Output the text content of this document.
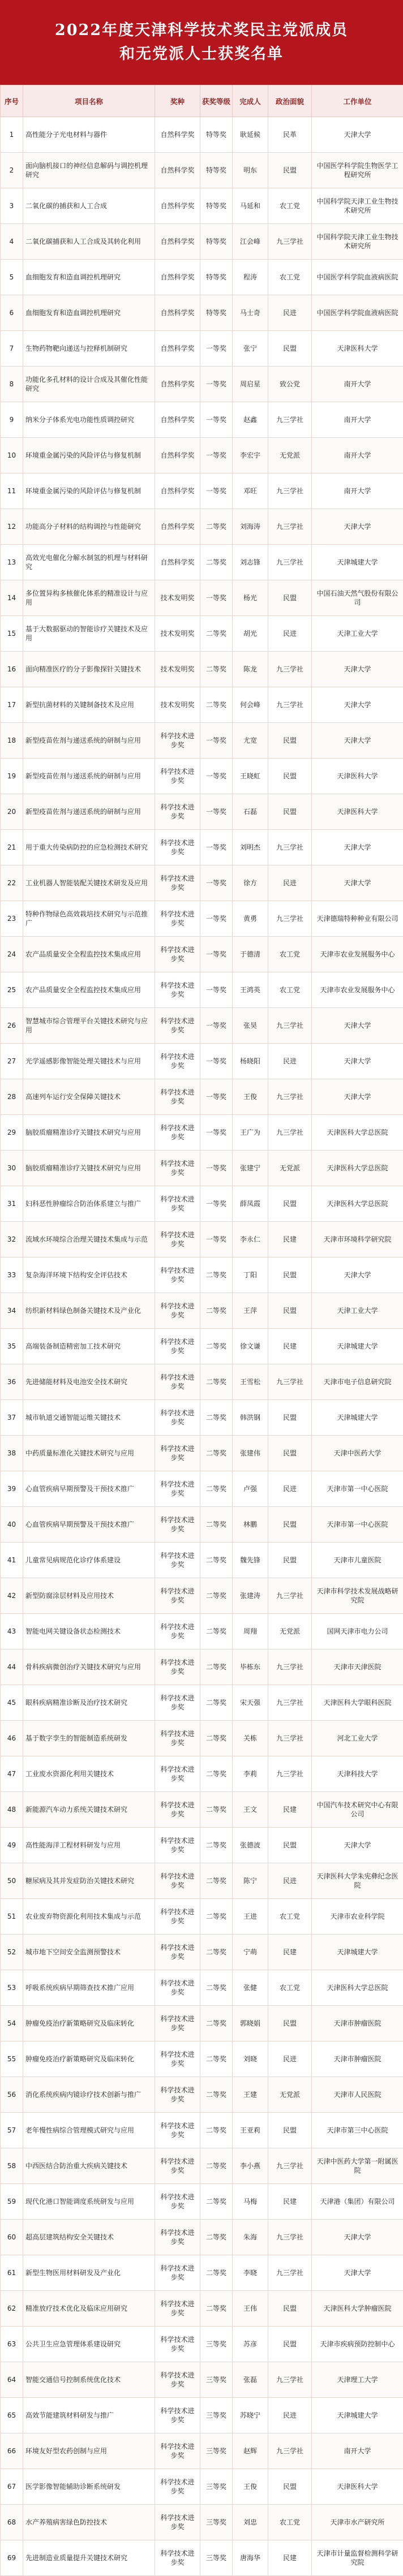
2022年度天津科学技术奖民主党派成员
和无党派人士获奖名单
序号	项目名称	奖种	获奖等级	完成人	政治面貌	工作单位
1	高性能分子光电材料与器件	自然科学奖	特等奖	耿延候	民革	天津大学
2	面向脑机接口的神经信息解码与调控机理研究	自然科学奖	特等奖	明东	民盟	中国医学科学院生物医学工程研究所
3	二氧化碳的捕获和人工合成	自然科学奖	特等奖	马延和	农工党	中国科学院天津工业生物技术研究所
4	二氧化碳捕获和人工合成及其转化利用	自然科学奖	特等奖	江会峰	九三学社	中国科学院天津工业生物技术研究所
5	血细胞发育和造血调控机理研究	自然科学奖	特等奖	程涛	农工党	中国医学科学院血液病医院
6	血细胞发育和造血调控机理研究	自然科学奖	特等奖	马士奇	民进	中国医学科学院血液病医院
7	生物药物靶向递送与控释机制研究	自然科学奖	一等奖	张宁	民盟	天津医科大学
8	功能化多孔材料的设计合成及其催化性能研究	自然科学奖	一等奖	周启星	致公党	南开大学
9	纳米分子体系光电功能性质调控研究	自然科学奖	一等奖	赵鑫	九三学社	南开大学
10	环境重金属污染的风险评估与修复机制	自然科学奖	一等奖	李宏宇	无党派	南开大学
11	环境重金属污染的风险评估与修复机制	自然科学奖	一等奖	邓旺	九三学社	南开大学
12	功能高分子材料的结构调控与性能研究	自然科学奖	二等奖	刘海涛	九三学社	天津大学
13	高效光电催化分解水制氢的机理与材料研究	自然科学奖	二等奖	刘志锋	九三学社	天津城建大学
14	多位置异构多核催化体系的精准设计与应用	技术发明奖	一等奖	杨光	民盟	中国石油天然气股份有限公司
15	基于大数据驱动的智能诊疗关键技术及应用	技术发明奖	二等奖	胡光	民进	天津工业大学
16	面向精准医疗的分子影像探针关键技术	技术发明奖	二等奖	陈龙	九三学社	天津大学
17	新型抗菌材料的关键制备技术及应用	技术发明奖	二等奖	何会峰	九三学社	天津大学
18	新型疫苗佐剂与递送系统的研制与应用	科学技术进步奖	一等奖	尤宽	民盟	天津大学
19	新型疫苗佐剂与递送系统的研制与应用	科学技术进步奖	一等奖	王晓虹	民盟	天津医科大学
20	新型疫苗佐剂与递送系统的研制与应用	科学技术进步奖	一等奖	石磊	民盟	天津医科大学
21	用于重大传染病防控的应急检测技术研究	科学技术进步奖	一等奖	刘明杰	九三学社	天津大学
22	工业机器人智能装配关键技术研发及应用	科学技术进步奖	一等奖	徐方	民进	天津大学
23	特种作物绿色高效栽培技术研究与示范推广	科学技术进步奖	一等奖	黄勇	九三学社	天津德瑞特种种业有限公司
24	农产品质量安全全程监控技术集成应用	科学技术进步奖	一等奖	于德清	农工党	天津市农业发展服务中心
25	农产品质量安全全程监控技术集成应用	科学技术进步奖	一等奖	王鸿英	农工党	天津市农业发展服务中心
26	智慧城市综合管理平台关键技术研究与应用	科学技术进步奖	一等奖	张昊	九三学社	天津大学
27	光学遥感影像智能处理关键技术与应用	科学技术进步奖	一等奖	杨晓阳	民进	天津大学
28	高速列车运行安全保障关键技术	科学技术进步奖	一等奖	王俊	九三学社	天津大学
29	脑胶质瘤精准诊疗关键技术研究与应用	科学技术进步奖	一等奖	王广为	九三学社	天津医科大学总医院
30	脑胶质瘤精准诊疗关键技术研究与应用	科学技术进步奖	一等奖	张建宁	无党派	天津医科大学总医院
31	妇科恶性肿瘤综合防治体系建立与推广	科学技术进步奖	一等奖	薛凤霞	民盟	天津医科大学总医院
32	流域水环境综合治理关键技术集成与示范	科学技术进步奖	一等奖	李永仁	民建	天津市环境科学研究院
33	复杂海洋环境下结构安全评估技术	科学技术进步奖	二等奖	丁阳	民盟	天津大学
34	纺织新材料绿色制备关键技术及产业化	科学技术进步奖	二等奖	王萍	民盟	天津工业大学
35	高端装备制造精密加工技术研究	科学技术进步奖	二等奖	徐文谦	民建	天津城建大学
36	先进储能材料及电池安全技术研究	科学技术进步奖	二等奖	王雪松	九三学社	天津市电子信息研究院
37	城市轨道交通智能运维关键技术	科学技术进步奖	二等奖	韩洪钢	民盟	天津城建大学
38	中药质量标准化关键技术研究与应用	科学技术进步奖	二等奖	张建伟	民盟	天津中医药大学
39	心血管疾病早期预警及干预技术推广	科学技术进步奖	二等奖	卢强	民进	天津市第一中心医院
40	心血管疾病早期预警及干预技术推广	科学技术进步奖	二等奖	林鹏	民盟	天津市第一中心医院
41	儿童常见病规范化诊疗体系建设	科学技术进步奖	二等奖	魏先锋	民盟	天津市儿童医院
42	新型防腐涂层材料及应用技术	科学技术进步奖	二等奖	张建涛	九三学社	天津市科学技术发展战略研究院
43	智能电网关键设备状态检测技术	科学技术进步奖	二等奖	周翔	无党派	国网天津市电力公司
44	骨科疾病微创治疗关键技术研究与应用	科学技术进步奖	二等奖	毕栋东	九三学社	天津市天津医院
45	眼科疾病精准诊断及治疗技术研究	科学技术进步奖	二等奖	宋天强	九三学社	天津医科大学眼科医院
46	基于数字孪生的智能制造系统研发	科学技术进步奖	二等奖	关栋	九三学社	河北工业大学
47	工业废水资源化利用关键技术	科学技术进步奖	二等奖	李莉	九三学社	天津科技大学
48	新能源汽车动力系统关键技术研究	科学技术进步奖	二等奖	王文	民建	中国汽车技术研究中心有限公司
49	高性能海洋工程材料研发与应用	科学技术进步奖	二等奖	张德波	民盟	天津大学
50	糖尿病及其并发症防治关键技术研究	科学技术进步奖	二等奖	陈宁	民进	天津医科大学朱宪彝纪念医院
51	农业废弃物资源化利用技术集成与示范	科学技术进步奖	二等奖	王进	农工党	天津市农业科学院
52	城市地下空间安全监测预警技术	科学技术进步奖	二等奖	宁萌	民建	天津城建大学
53	呼吸系统疾病早期筛查技术推广应用	科学技术进步奖	二等奖	张健	农工党	天津医科大学总医院
54	肿瘤免疫治疗新策略研究及临床转化	科学技术进步奖	二等奖	郭晓娟	民盟	天津市肿瘤医院
55	肿瘤免疫治疗新策略研究及临床转化	科学技术进步奖	二等奖	刘晓	民进	天津市肿瘤医院
56	消化系统疾病内镜诊疗技术创新与推广	科学技术进步奖	二等奖	王建	无党派	天津市人民医院
57	老年慢性病综合管理模式研究与应用	科学技术进步奖	二等奖	王亚莉	民盟	天津市第三中心医院
58	中西医结合防治重大疾病关键技术	科学技术进步奖	二等奖	李小燕	九三学社	天津中医药大学第一附属医院
59	现代化港口智能调度系统研发与应用	科学技术进步奖	二等奖	马梅	民建	天津港（集团）有限公司
60	超高层建筑结构安全关键技术	科学技术进步奖	二等奖	朱海	九三学社	天津大学
61	新型生物医用材料研发及产业化	科学技术进步奖	二等奖	李晓	九三学社	天津大学
62	精准放疗技术优化及临床应用研究	科学技术进步奖	二等奖	王伟	民盟	天津医科大学肿瘤医院
63	公共卫生应急管理体系建设研究	科学技术进步奖	三等奖	苏彦	民盟	天津市疾病预防控制中心
64	智能交通信号控制系统优化技术	科学技术进步奖	三等奖	张磊	九三学社	天津理工大学
65	高效节能建筑材料研发与推广	科学技术进步奖	三等奖	苏晓宁	民进	天津城建大学
66	环境友好型农药创制与应用	科学技术进步奖	三等奖	赵辉	九三学社	南开大学
67	医学影像智能辅助诊断系统研发	科学技术进步奖	三等奖	王俊	民盟	天津医科大学
68	水产养殖病害绿色防控技术	科学技术进步奖	三等奖	刘忠	农工党	天津市水产研究所
69	先进制造业质量提升关键技术研究	科学技术进步奖	三等奖	唐海华	民建	天津市计量监督检测科学研究院
